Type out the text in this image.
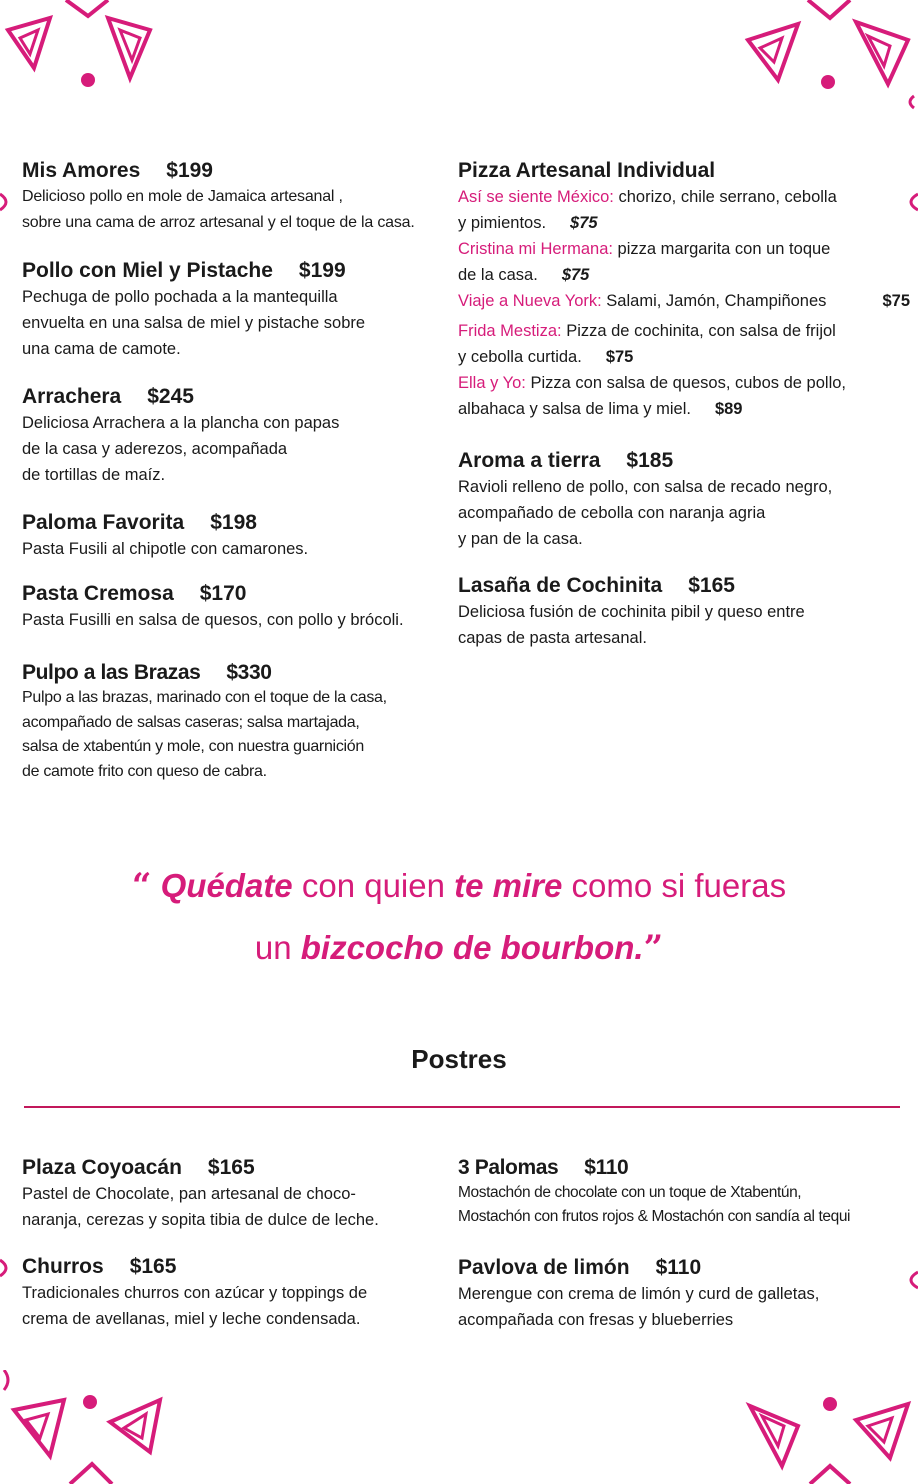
Mis Amores $199
Delicioso pollo en mole de Jamaica artesanal ,
sobre una cama de arroz artesanal y el toque de la casa.
Pollo con Miel y Pistache $199
Pechuga de pollo pochada a la mantequilla
envuelta en una salsa de miel y pistache sobre
una cama de camote.
Arrachera $245
Deliciosa Arrachera a la plancha con papas
de la casa y aderezos, acompañada
de tortillas de maíz.
Paloma Favorita $198
Pasta Fusili al chipotle con camarones.
Pasta Cremosa $170
Pasta Fusilli en salsa de quesos, con pollo y brócoli.
Pulpo a las Brazas $330
Pulpo a las brazas, marinado con el toque de la casa,
acompañado de salsas caseras; salsa martajada,
salsa de xtabentún y mole, con nuestra guarnición
de camote frito con queso de cabra.
Pizza Artesanal Individual
Así se siente México: chorizo, chile serrano, cebolla
y pimientos. $75
Cristina mi Hermana: pizza margarita con un toque
de la casa. $75
Viaje a Nueva York: Salami, Jamón, Champiñones	$75
Frida Mestiza: Pizza de cochinita, con salsa de frijol
y cebolla curtida. $75
Ella y Yo: Pizza con salsa de quesos, cubos de pollo,
albahaca y salsa de lima y miel. $89
Aroma a tierra $185
Ravioli relleno de pollo, con salsa de recado negro,
acompañado de cebolla con naranja agria
y pan de la casa.
Lasaña de Cochinita $165
Deliciosa fusión de cochinita pibil y queso entre
capas de pasta artesanal.
“ Quédate con quien te mire como si fueras
un bizcocho de bourbon.”
Postres
Plaza Coyoacán $165
Pastel de Chocolate, pan artesanal de choco-
naranja, cerezas y sopita tibia de dulce de leche.
Churros $165
Tradicionales churros con azúcar y toppings de
crema de avellanas, miel y leche condensada.
3 Palomas $110
Mostachón de chocolate con un toque de Xtabentún,
Mostachón con frutos rojos & Mostachón con sandía al tequi
Pavlova de limón $110
Merengue con crema de limón y curd de galletas,
acompañada con fresas y blueberries
